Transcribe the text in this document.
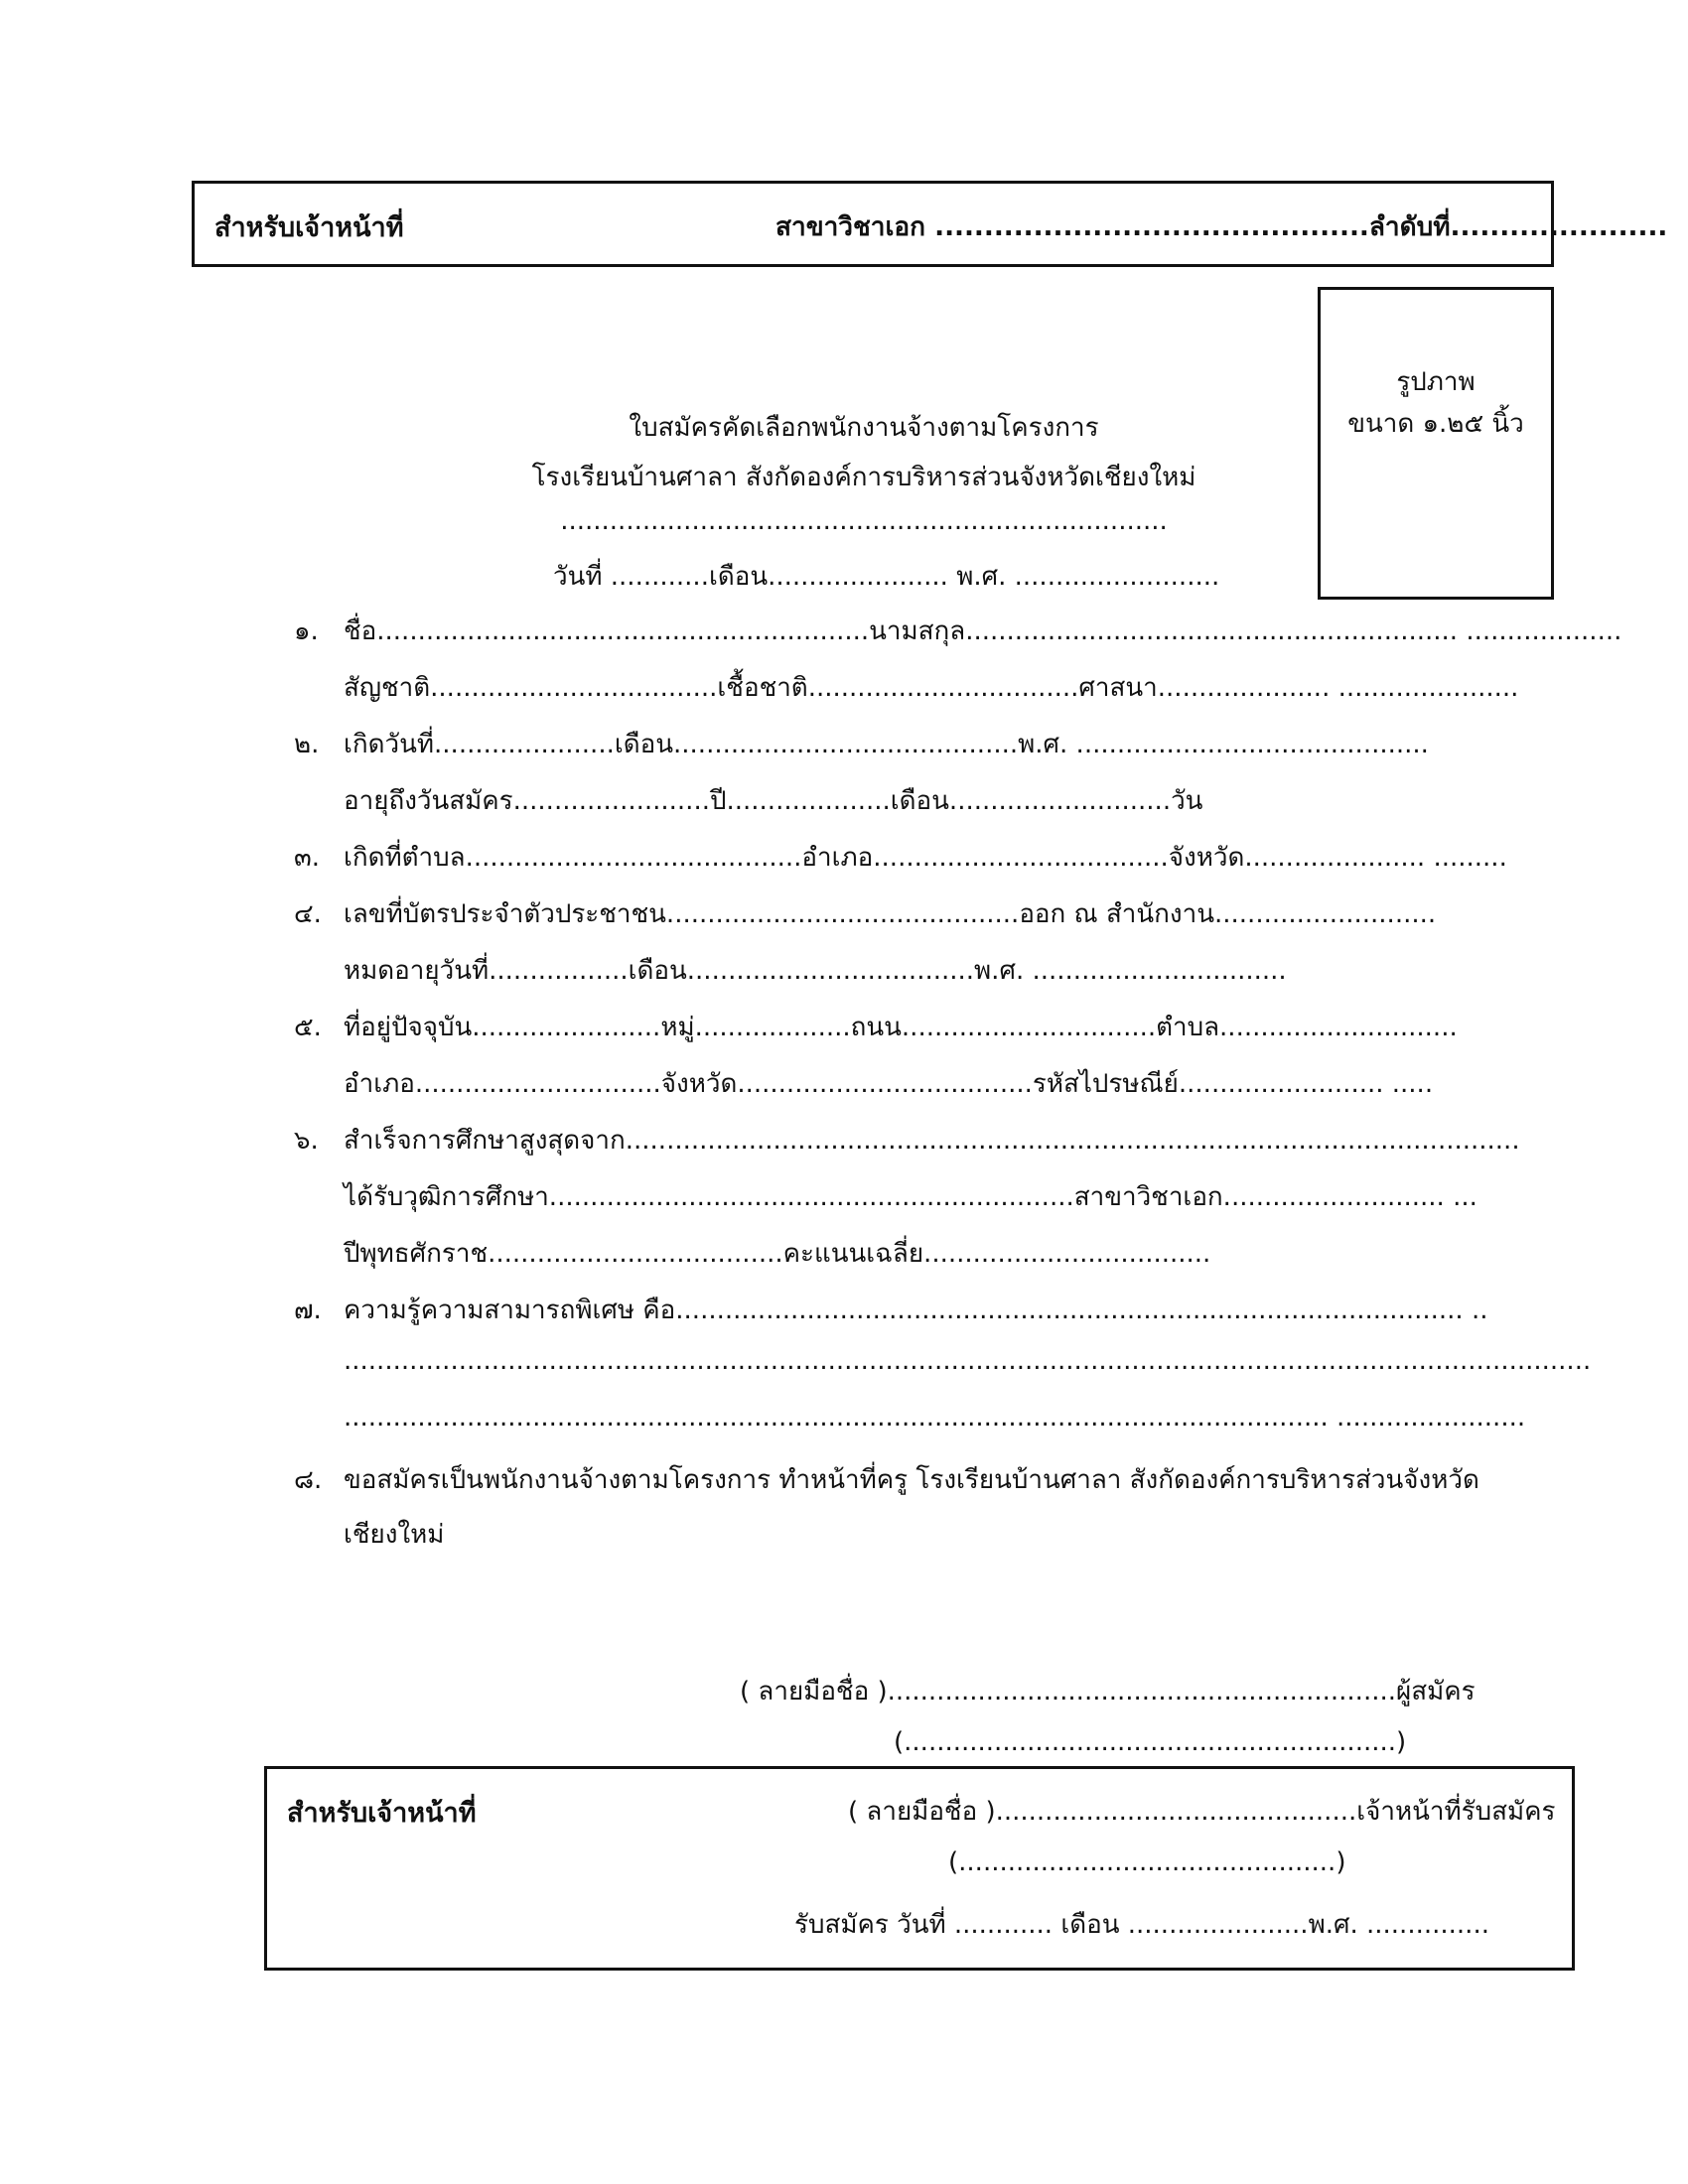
สำหรับเจ้าหน้าที่	สาขาวิชาเอก ............................................ลำดับที่......................
รูปภาพ
ขนาด ๑.๒๕ นิ้ว
ใบสมัครคัดเลือกพนักงานจ้างตามโครงการ
โรงเรียนบ้านศาลา สังกัดองค์การบริหารส่วนจังหวัดเชียงใหม่
..........................................................................
วันที่ ............เดือน...................... พ.ศ. .........................
๑. ชื่อ............................................................นามสกุล............................................................ ...................
สัญชาติ...................................เชื้อชาติ.................................ศาสนา..................... ......................
๒. เกิดวันที่......................เดือน..........................................พ.ศ. ...........................................
อายุถึงวันสมัคร........................ปี....................เดือน...........................วัน
๓. เกิดที่ตำบล.........................................อำเภอ....................................จังหวัด...................... .........
๔. เลขที่บัตรประจำตัวประชาชน...........................................ออก ณ สำนักงาน...........................
หมดอายุวันที่.................เดือน...................................พ.ศ. ...............................
๕. ที่อยู่ปัจจุบัน.......................หมู่...................ถนน...............................ตำบล.............................
อำเภอ..............................จังหวัด....................................รหัสไปรษณีย์......................... .....
๖. สำเร็จการศึกษาสูงสุดจาก.............................................................................................................
ได้รับวุฒิการศึกษา................................................................สาขาวิชาเอก........................... ...
ปีพุทธศักราช....................................คะแนนเฉลี่ย...................................
๗. ความรู้ความสามารถพิเศษ คือ................................................................................................ ..
........................................................................................................................................................
........................................................................................................................ .......................
๘. ขอสมัครเป็นพนักงานจ้างตามโครงการ ทำหน้าที่ครู โรงเรียนบ้านศาลา สังกัดองค์การบริหารส่วนจังหวัด
เชียงใหม่
( ลายมือชื่อ )..............................................................ผู้สมัคร
(............................................................)
สำหรับเจ้าหน้าที่	( ลายมือชื่อ )............................................เจ้าหน้าที่รับสมัคร
(..............................................)
รับสมัคร วันที่ ............ เดือน ......................พ.ศ. ...............
